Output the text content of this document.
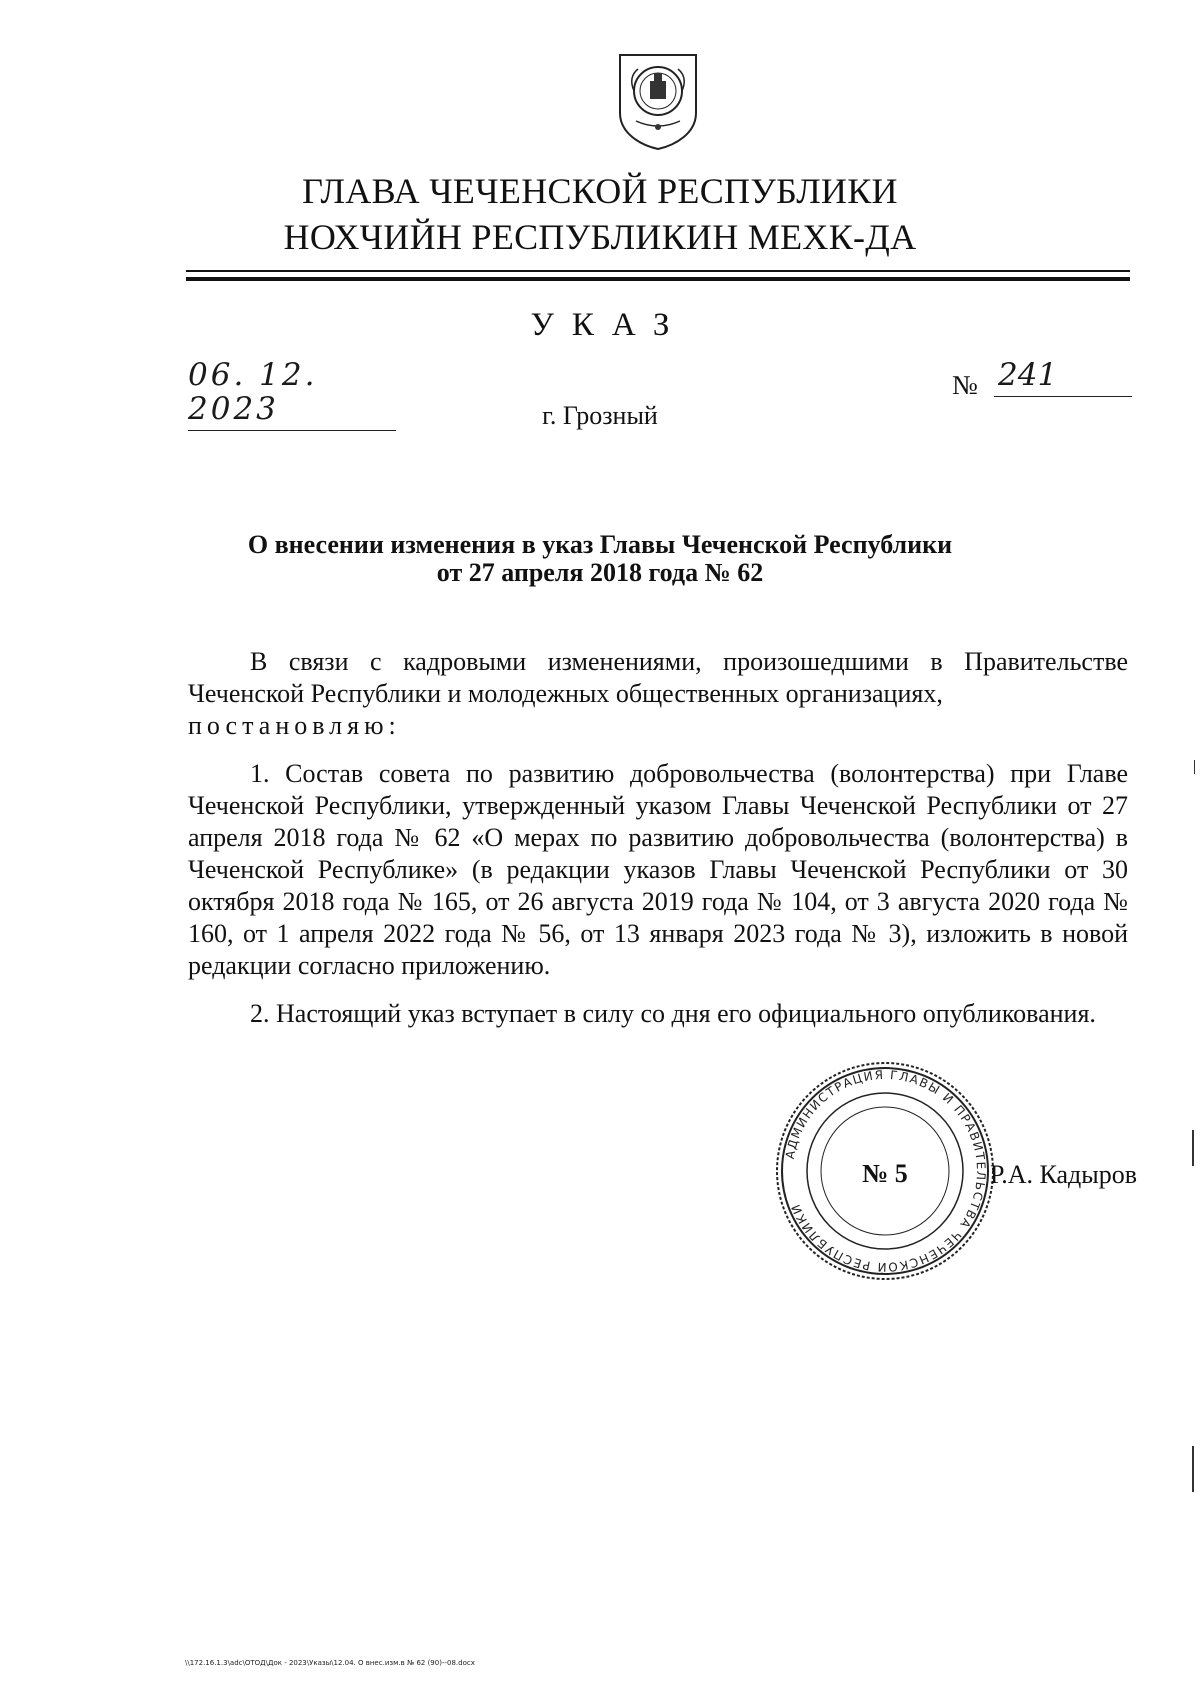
ГЛАВА ЧЕЧЕНСКОЙ РЕСПУБЛИКИ
НОХЧИЙН РЕСПУБЛИКИН МЕХК-ДА
УКАЗ
06. 12. 2023
№ 241
г. Грозный
О внесении изменения в указ Главы Чеченской Республики
от 27 апреля 2018 года № 62

В связи с кадровыми изменениями, произошедшими в Правительстве Чеченской Республики и молодежных общественных организациях,

постановляю:

1. Состав совета по развитию добровольчества (волонтерства) при Главе Чеченской Республики, утвержденный указом Главы Чеченской Республики от 27 апреля 2018 года № 62 «О мерах по развитию добровольчества (волонтерства) в Чеченской Республике» (в редакции указов Главы Чеченской Республики от 30 октября 2018 года № 165, от 26 августа 2019 года № 104, от 3 августа 2020 года № 160, от 1 апреля 2022 года № 56, от 13 января 2023 года № 3), изложить в новой редакции согласно приложению.

2. Настоящий указ вступает в силу со дня его официального опубликования.

АДМИНИСТРАЦИЯ ГЛАВЫ И ПРАВИТЕЛЬСТВА ЧЕЧЕНСКОЙ РЕСПУБЛИКИ
№ 5	Р.А. Кадыров
\\172.16.1.3\adc\OTOД\Док - 2023\Указы\12.04. О внес.изм.в № 62 (90)--08.docx
